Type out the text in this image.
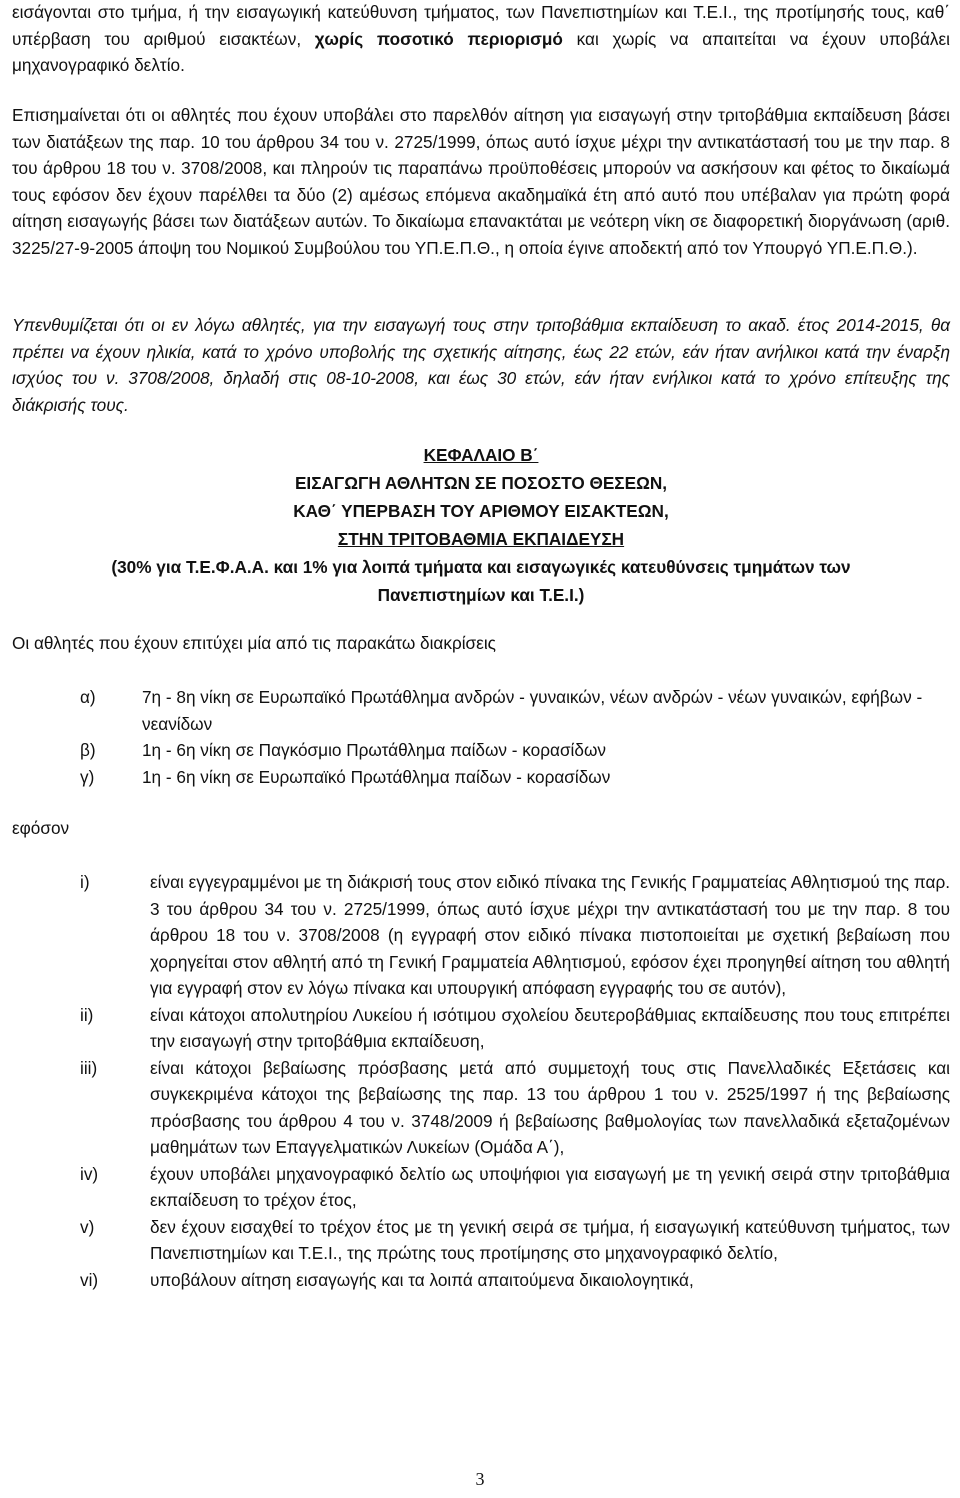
εισάγονται στο τμήμα, ή την εισαγωγική κατεύθυνση τμήματος, των Πανεπιστημίων και Τ.Ε.Ι., της προτίμησής τους, καθ΄ υπέρβαση του αριθμού εισακτέων, χωρίς ποσοτικό περιορισμό και χωρίς να απαιτείται να έχουν υποβάλει μηχανογραφικό δελτίο.

Επισημαίνεται ότι οι αθλητές που έχουν υποβάλει στο παρελθόν αίτηση για εισαγωγή στην τριτοβάθμια εκπαίδευση βάσει των διατάξεων της παρ. 10 του άρθρου 34 του ν. 2725/1999, όπως αυτό ίσχυε μέχρι την αντικατάστασή του με την παρ. 8 του άρθρου 18 του ν. 3708/2008, και πληρούν τις παραπάνω προϋποθέσεις μπορούν να ασκήσουν και φέτος το δικαίωμά τους εφόσον δεν έχουν παρέλθει τα δύο (2) αμέσως επόμενα ακαδημαϊκά έτη από αυτό που υπέβαλαν για πρώτη φορά αίτηση εισαγωγής βάσει των διατάξεων αυτών. Το δικαίωμα επανακτάται με νεότερη νίκη σε διαφορετική διοργάνωση (αριθ. 3225/27-9-2005 άποψη του Νομικού Συμβούλου του ΥΠ.Ε.Π.Θ., η οποία έγινε αποδεκτή από τον Υπουργό ΥΠ.Ε.Π.Θ.).

Υπενθυμίζεται ότι οι εν λόγω αθλητές, για την εισαγωγή τους στην τριτοβάθμια εκπαίδευση το ακαδ. έτος 2014-2015, θα πρέπει να έχουν ηλικία, κατά το χρόνο υποβολής της σχετικής αίτησης, έως 22 ετών, εάν ήταν ανήλικοι κατά την έναρξη ισχύος του ν. 3708/2008, δηλαδή στις 08-10-2008, και έως 30 ετών, εάν ήταν ενήλικοι κατά το χρόνο επίτευξης της διάκρισής τους.

ΚΕΦΑΛΑΙΟ Β΄
ΕΙΣΑΓΩΓΗ ΑΘΛΗΤΩΝ ΣΕ ΠΟΣΟΣΤΟ ΘΕΣΕΩΝ,
ΚΑΘ΄ ΥΠΕΡΒΑΣΗ ΤΟΥ ΑΡΙΘΜΟΥ ΕΙΣΑΚΤΕΩΝ,
ΣΤΗΝ ΤΡΙΤΟΒΑΘΜΙΑ ΕΚΠΑΙΔΕΥΣΗ
(30% για Τ.Ε.Φ.Α.Α. και 1% για λοιπά τμήματα και εισαγωγικές κατευθύνσεις τμημάτων των
Πανεπιστημίων και Τ.Ε.Ι.)

Οι αθλητές που έχουν επιτύχει μία από τις παρακάτω διακρίσεις

α)	7η - 8η νίκη σε Ευρωπαϊκό Πρωτάθλημα ανδρών - γυναικών, νέων ανδρών - νέων γυναικών, εφήβων - νεανίδων
β)	1η - 6η νίκη σε Παγκόσμιο Πρωτάθλημα παίδων - κορασίδων
γ)	1η - 6η νίκη σε Ευρωπαϊκό Πρωτάθλημα παίδων - κορασίδων

εφόσον

i)	είναι εγγεγραμμένοι με τη διάκρισή τους στον ειδικό πίνακα της Γενικής Γραμματείας Αθλητισμού της παρ. 3 του άρθρου 34 του ν. 2725/1999, όπως αυτό ίσχυε μέχρι την αντικατάστασή του με την παρ. 8 του άρθρου 18 του ν. 3708/2008 (η εγγραφή στον ειδικό πίνακα πιστοποιείται με σχετική βεβαίωση που χορηγείται στον αθλητή από τη Γενική Γραμματεία Αθλητισμού, εφόσον έχει προηγηθεί αίτηση του αθλητή για εγγραφή στον εν λόγω πίνακα και υπουργική απόφαση εγγραφής του σε αυτόν),
ii)	είναι κάτοχοι απολυτηρίου Λυκείου ή ισότιμου σχολείου δευτεροβάθμιας εκπαίδευσης που τους επιτρέπει την εισαγωγή στην τριτοβάθμια εκπαίδευση,
iii)	είναι κάτοχοι βεβαίωσης πρόσβασης μετά από συμμετοχή τους στις Πανελλαδικές Εξετάσεις και συγκεκριμένα κάτοχοι της βεβαίωσης της παρ. 13 του άρθρου 1 του ν. 2525/1997 ή της βεβαίωσης πρόσβασης του άρθρου 4 του ν. 3748/2009 ή βεβαίωσης βαθμολογίας των πανελλαδικά εξεταζομένων μαθημάτων των Επαγγελματικών Λυκείων (Ομάδα Α΄),
iv)	έχουν υποβάλει μηχανογραφικό δελτίο ως υποψήφιοι για εισαγωγή με τη γενική σειρά στην τριτοβάθμια εκπαίδευση το τρέχον έτος,
v)	δεν έχουν εισαχθεί το τρέχον έτος με τη γενική σειρά σε τμήμα, ή εισαγωγική κατεύθυνση τμήματος, των Πανεπιστημίων και Τ.Ε.Ι., της πρώτης τους προτίμησης στο μηχανογραφικό δελτίο,
vi)	υποβάλουν αίτηση εισαγωγής και τα λοιπά απαιτούμενα δικαιολογητικά,
3
